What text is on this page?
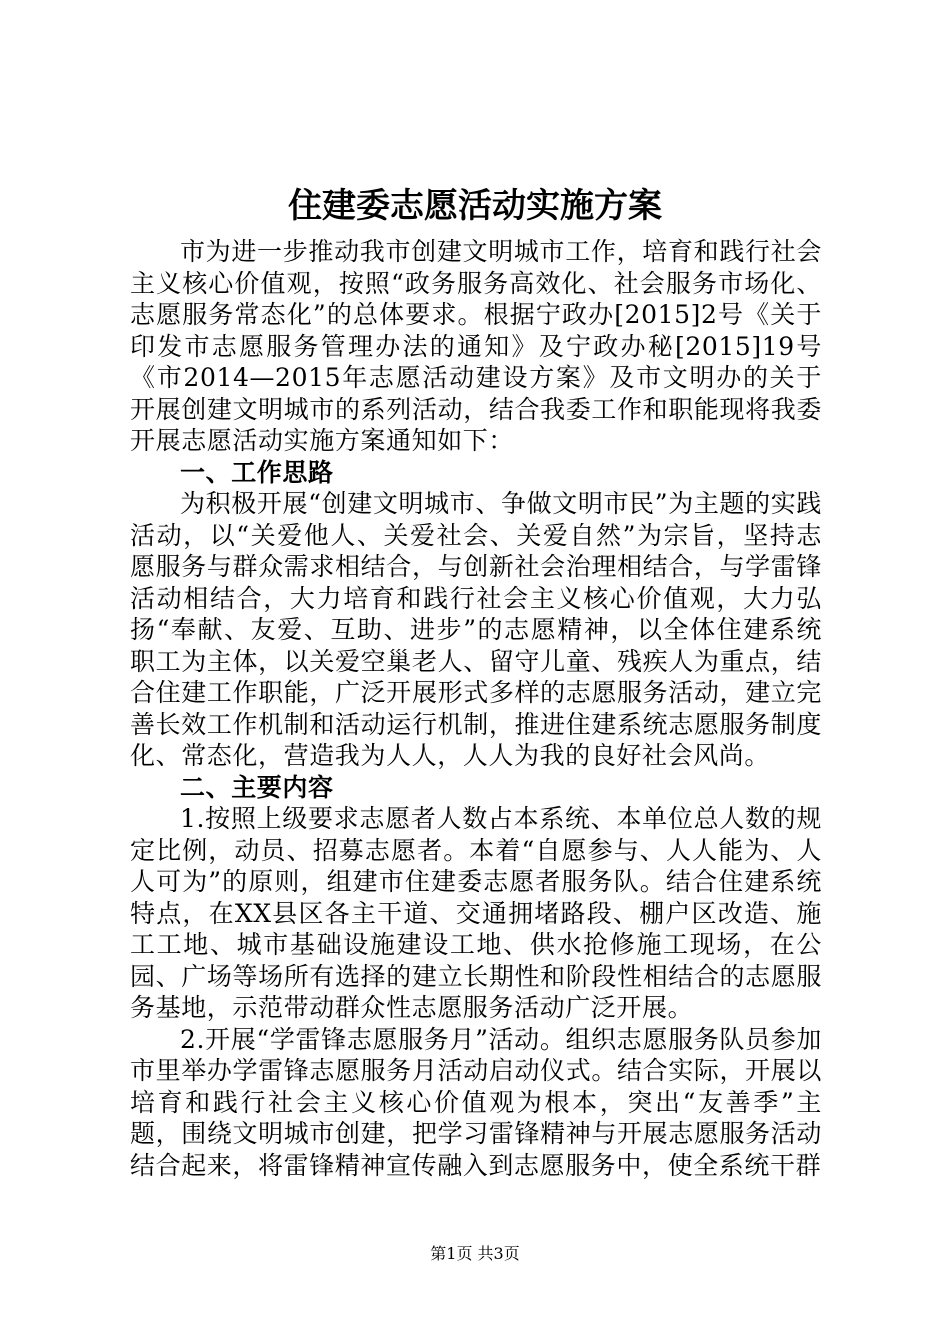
住建委志愿活动实施方案

市为进一步推动我市创建文明城市工作，培育和践行社会主义核心价值观，按照“政务服务高效化、社会服务市场化、志愿服务常态化”的总体要求。根据宁政办[2015]2号《关于印发市志愿服务管理办法的通知》及宁政办秘[2015]19号《市2014—2015年志愿活动建设方案》及市文明办的关于开展创建文明城市的系列活动，结合我委工作和职能现将我委开展志愿活动实施方案通知如下：

一、工作思路

为积极开展“创建文明城市、争做文明市民”为主题的实践活动，以“关爱他人、关爱社会、关爱自然”为宗旨，坚持志愿服务与群众需求相结合，与创新社会治理相结合，与学雷锋活动相结合，大力培育和践行社会主义核心价值观，大力弘扬“奉献、友爱、互助、进步”的志愿精神，以全体住建系统职工为主体，以关爱空巢老人、留守儿童、残疾人为重点，结合住建工作职能，广泛开展形式多样的志愿服务活动，建立完善长效工作机制和活动运行机制，推进住建系统志愿服务制度化、常态化，营造我为人人，人人为我的良好社会风尚。

二、主要内容

1.按照上级要求志愿者人数占本系统、本单位总人数的规定比例，动员、招募志愿者。本着“自愿参与、人人能为、人人可为”的原则，组建市住建委志愿者服务队。结合住建系统特点，在XX县区各主干道、交通拥堵路段、棚户区改造、施工工地、城市基础设施建设工地、供水抢修施工现场，在公园、广场等场所有选择的建立长期性和阶段性相结合的志愿服务基地，示范带动群众性志愿服务活动广泛开展。

2.开展“学雷锋志愿服务月”活动。组织志愿服务队员参加市里举办学雷锋志愿服务月活动启动仪式。结合实际，开展以培育和践行社会主义核心价值观为根本，突出“友善季”主题，围绕文明城市创建，把学习雷锋精神与开展志愿服务活动结合起来，将雷锋精神宣传融入到志愿服务中，使全系统干群

第1页 共3页
